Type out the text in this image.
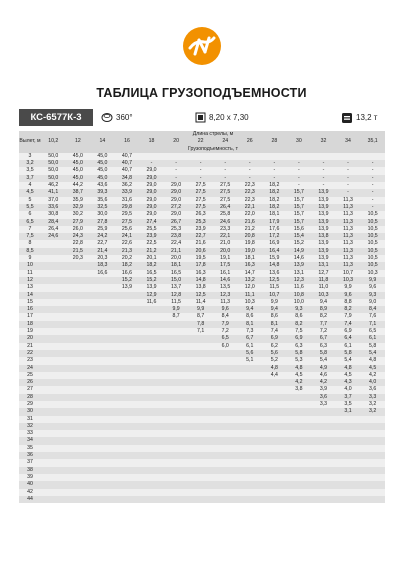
ТАБЛИЦА ГРУЗОПОДЪЕМНОСТИ
КС-6577К-3	360°	8,20 х 7,30	13,2 т
Вылет, м	Длина стрелы, м													
	10,2	12	14	16	18	20	22	24	26	28	30	32	34	35,1
	Грузоподъемность, т													
3	50,0	45,0	45,0	40,7										
3,2	50,0	45,0	45,0	40,7	-	-	-	-	-	-	-	-	-	-
3,5	50,0	45,0	45,0	40,7	29,0	-	-	-	-	-	-	-	-	-
3,7	50,0	45,0	45,0	34,8	29,0	-	-	-	-	-	-	-	-	-
4	46,2	44,2	43,6	36,2	29,0	29,0	27,5	27,5	22,3	18,2	-	-	-	-
4,5	41,1	38,7	39,3	33,9	29,0	29,0	27,5	27,5	22,3	18,2	15,7	13,9	-	-
5	37,0	35,9	35,6	31,6	29,0	29,0	27,5	27,5	22,3	18,2	15,7	13,9	11,3	-
5,5	33,6	32,9	32,5	29,8	29,0	27,2	27,5	26,4	22,1	18,2	15,7	13,9	11,3	-
6	30,8	30,2	30,0	29,5	29,0	29,0	26,3	25,8	22,0	18,1	15,7	13,9	11,3	10,5
6,5	28,4	27,9	27,8	27,5	27,4	26,7	25,3	24,6	21,6	17,9	15,7	13,9	11,3	10,5
7	26,4	26,0	25,9	25,6	25,5	25,3	23,9	23,3	21,2	17,6	15,6	13,9	11,3	10,5
7,5	24,6	24,3	24,2	24,1	23,9	23,8	22,7	22,1	20,8	17,2	15,4	13,8	11,3	10,5
8		22,8	22,7	22,6	22,5	22,4	21,6	21,0	19,8	16,9	15,2	13,9	11,3	10,5
8,5		21,5	21,4	21,3	21,2	21,1	20,6	20,0	19,0	16,4	14,9	13,9	11,3	10,5
9		20,3	20,3	20,2	20,1	20,0	19,5	19,1	18,1	15,9	14,6	13,9	11,3	10,5
10			18,3	18,2	18,2	18,1	17,8	17,5	16,3	14,8	13,9	13,1	11,3	10,5
11			16,6	16,6	16,5	16,5	16,3	16,1	14,7	13,6	13,1	12,7	10,7	10,3
12				15,2	15,2	15,0	14,8	14,6	13,2	12,5	12,3	11,8	10,3	9,9
13				13,9	13,9	13,7	13,8	13,5	12,0	11,5	11,6	11,0	9,9	9,6
14					12,9	12,8	12,5	12,3	11,1	10,7	10,8	10,3	9,6	9,3
15					11,6	11,5	11,4	11,3	10,3	9,9	10,0	9,4	8,8	9,0
16						9,9	9,9	9,6	9,4	9,4	9,3	8,9	8,2	8,4
17						8,7	8,7	8,4	8,6	8,6	8,6	8,2	7,9	7,6
18							7,8	7,9	8,1	8,1	8,2	7,7	7,4	7,1
19							7,1	7,2	7,3	7,4	7,5	7,2	6,9	6,5
20								6,5	6,7	6,9	6,9	6,7	6,4	6,1
21								6,0	6,1	6,2	6,3	6,3	6,1	5,8
22									5,6	5,6	5,8	5,8	5,8	5,4
23									5,1	5,2	5,3	5,4	5,4	4,8
24										4,8	4,8	4,9	4,8	4,5
25										4,4	4,5	4,6	4,5	4,2
26											4,2	4,2	4,3	4,0
27											3,8	3,9	4,0	3,6
28												3,6	3,7	3,3
29												3,3	3,5	3,2
30													3,1	3,2
31														
32														
33														
34														
35														
36														
37														
38														
39														
40														
42														
44														
